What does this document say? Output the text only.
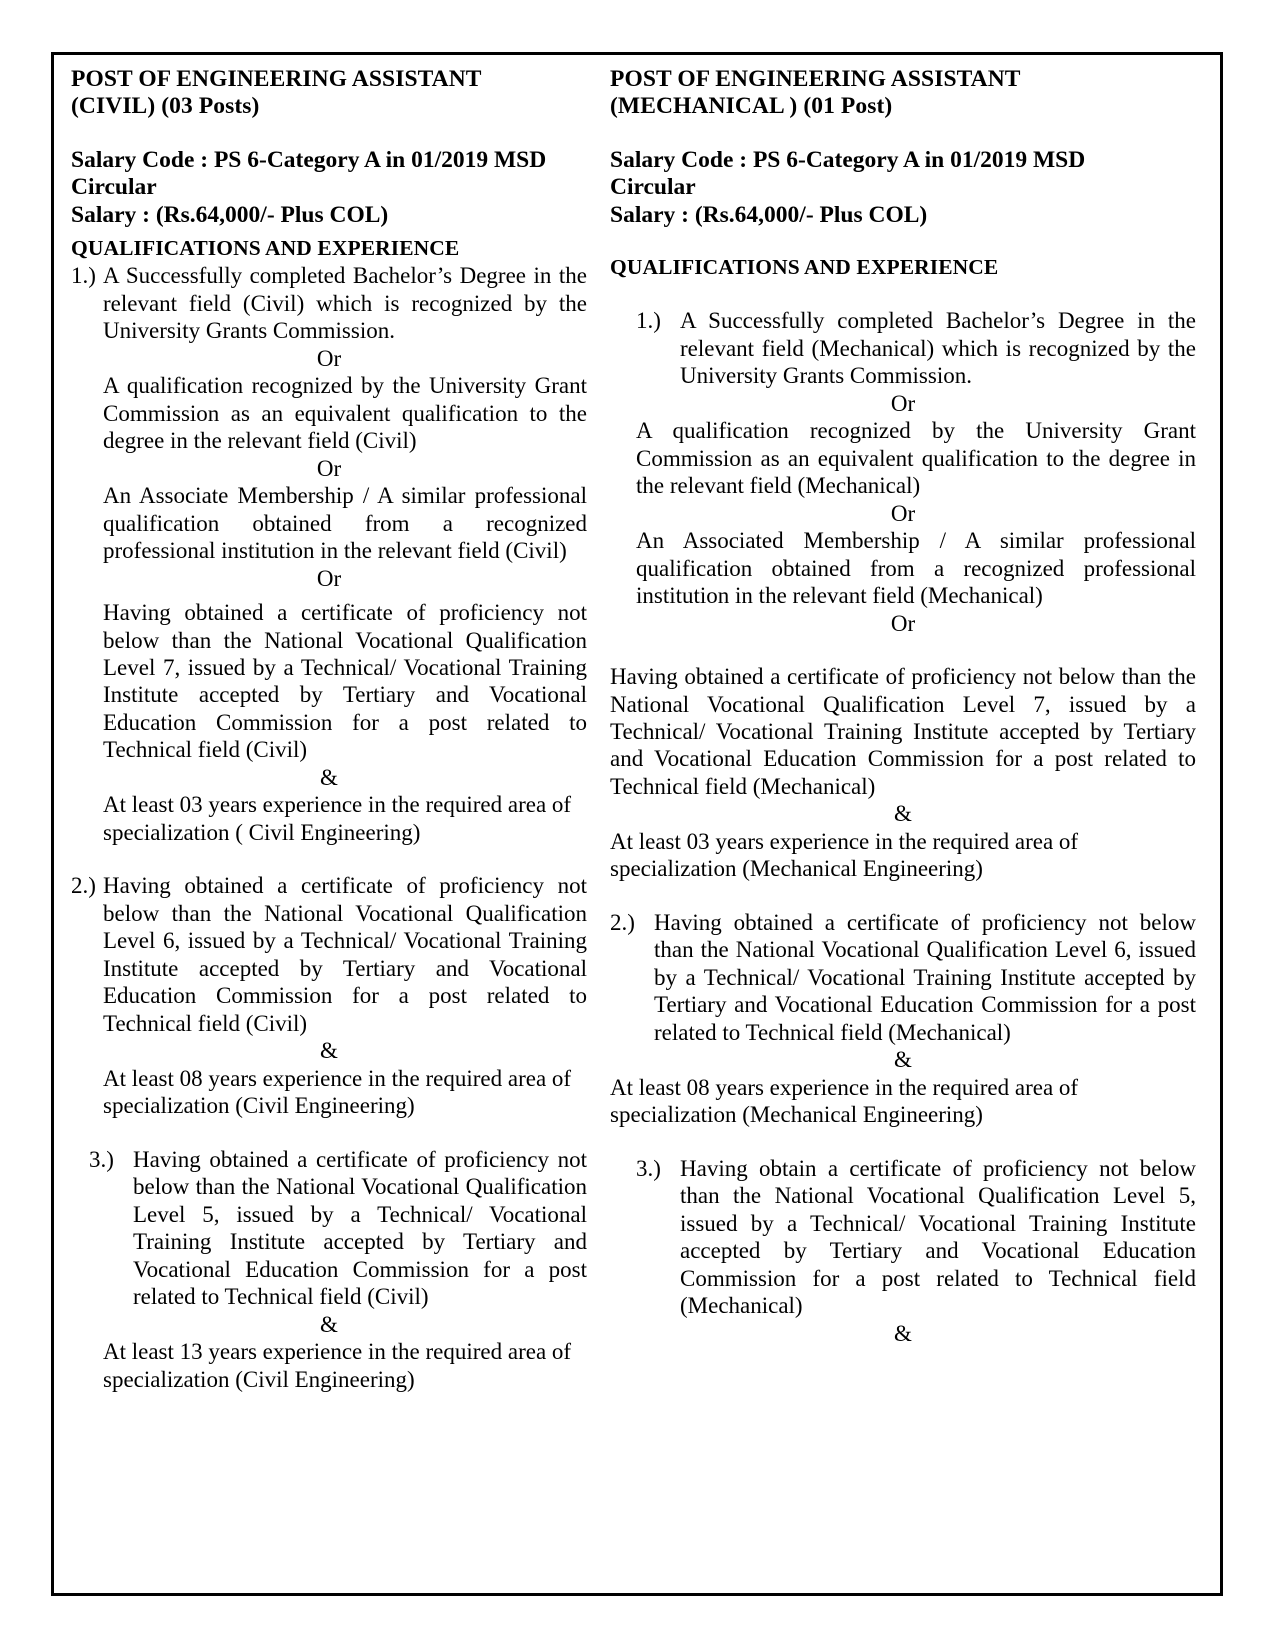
POST OF ENGINEERING ASSISTANT
(CIVIL) (03 Posts)
Salary Code : PS 6-Category A in 01/2019 MSD
Circular
Salary : (Rs.64,000/- Plus COL)
QUALIFICATIONS AND EXPERIENCE
1.) A Successfully completed Bachelor’s Degree in the relevant field (Civil) which is recognized by the University Grants Commission.
Or
A qualification recognized by the University Grant Commission as an equivalent qualification to the degree in the relevant field (Civil)
Or
An Associate Membership / A similar professional qualification obtained from a recognized professional institution in the relevant field (Civil)
Or
Having obtained a certificate of proficiency not below than the National Vocational Qualification Level 7, issued by a Technical/ Vocational Training Institute accepted by Tertiary and Vocational Education Commission for a post related to Technical field (Civil)
&
At least 03 years experience in the required area of specialization ( Civil Engineering)
2.) Having obtained a certificate of proficiency not below than the National Vocational Qualification Level 6, issued by a Technical/ Vocational Training Institute accepted by Tertiary and Vocational Education Commission for a post related to Technical field (Civil)
&
At least 08 years experience in the required area of specialization (Civil Engineering)
3.) Having obtained a certificate of proficiency not below than the National Vocational Qualification Level 5, issued by a Technical/ Vocational Training Institute accepted by Tertiary and Vocational Education Commission for a post related to Technical field (Civil)
&
At least 13 years experience in the required area of specialization (Civil Engineering)
POST OF ENGINEERING ASSISTANT
(MECHANICAL ) (01 Post)
Salary Code : PS 6-Category A in 01/2019 MSD
Circular
Salary : (Rs.64,000/- Plus COL)
QUALIFICATIONS AND EXPERIENCE
1.) A Successfully completed Bachelor’s Degree in the relevant field (Mechanical) which is recognized by the University Grants Commission.
Or
A qualification recognized by the University Grant Commission as an equivalent qualification to the degree in the relevant field (Mechanical)
Or
An Associated Membership / A similar professional qualification obtained from a recognized professional institution in the relevant field (Mechanical)
Or
Having obtained a certificate of proficiency not below than the National Vocational Qualification Level 7, issued by a Technical/ Vocational Training Institute accepted by Tertiary and Vocational Education Commission for a post related to Technical field (Mechanical)
&
At least 03 years experience in the required area of specialization (Mechanical Engineering)
2.) Having obtained a certificate of proficiency not below than the National Vocational Qualification Level 6, issued by a Technical/ Vocational Training Institute accepted by Tertiary and Vocational Education Commission for a post related to Technical field (Mechanical)
&
At least 08 years experience in the required area of specialization (Mechanical Engineering)
3.) Having obtain a certificate of proficiency not below than the National Vocational Qualification Level 5, issued by a Technical/ Vocational Training Institute accepted by Tertiary and Vocational Education Commission for a post related to Technical field (Mechanical)
&
